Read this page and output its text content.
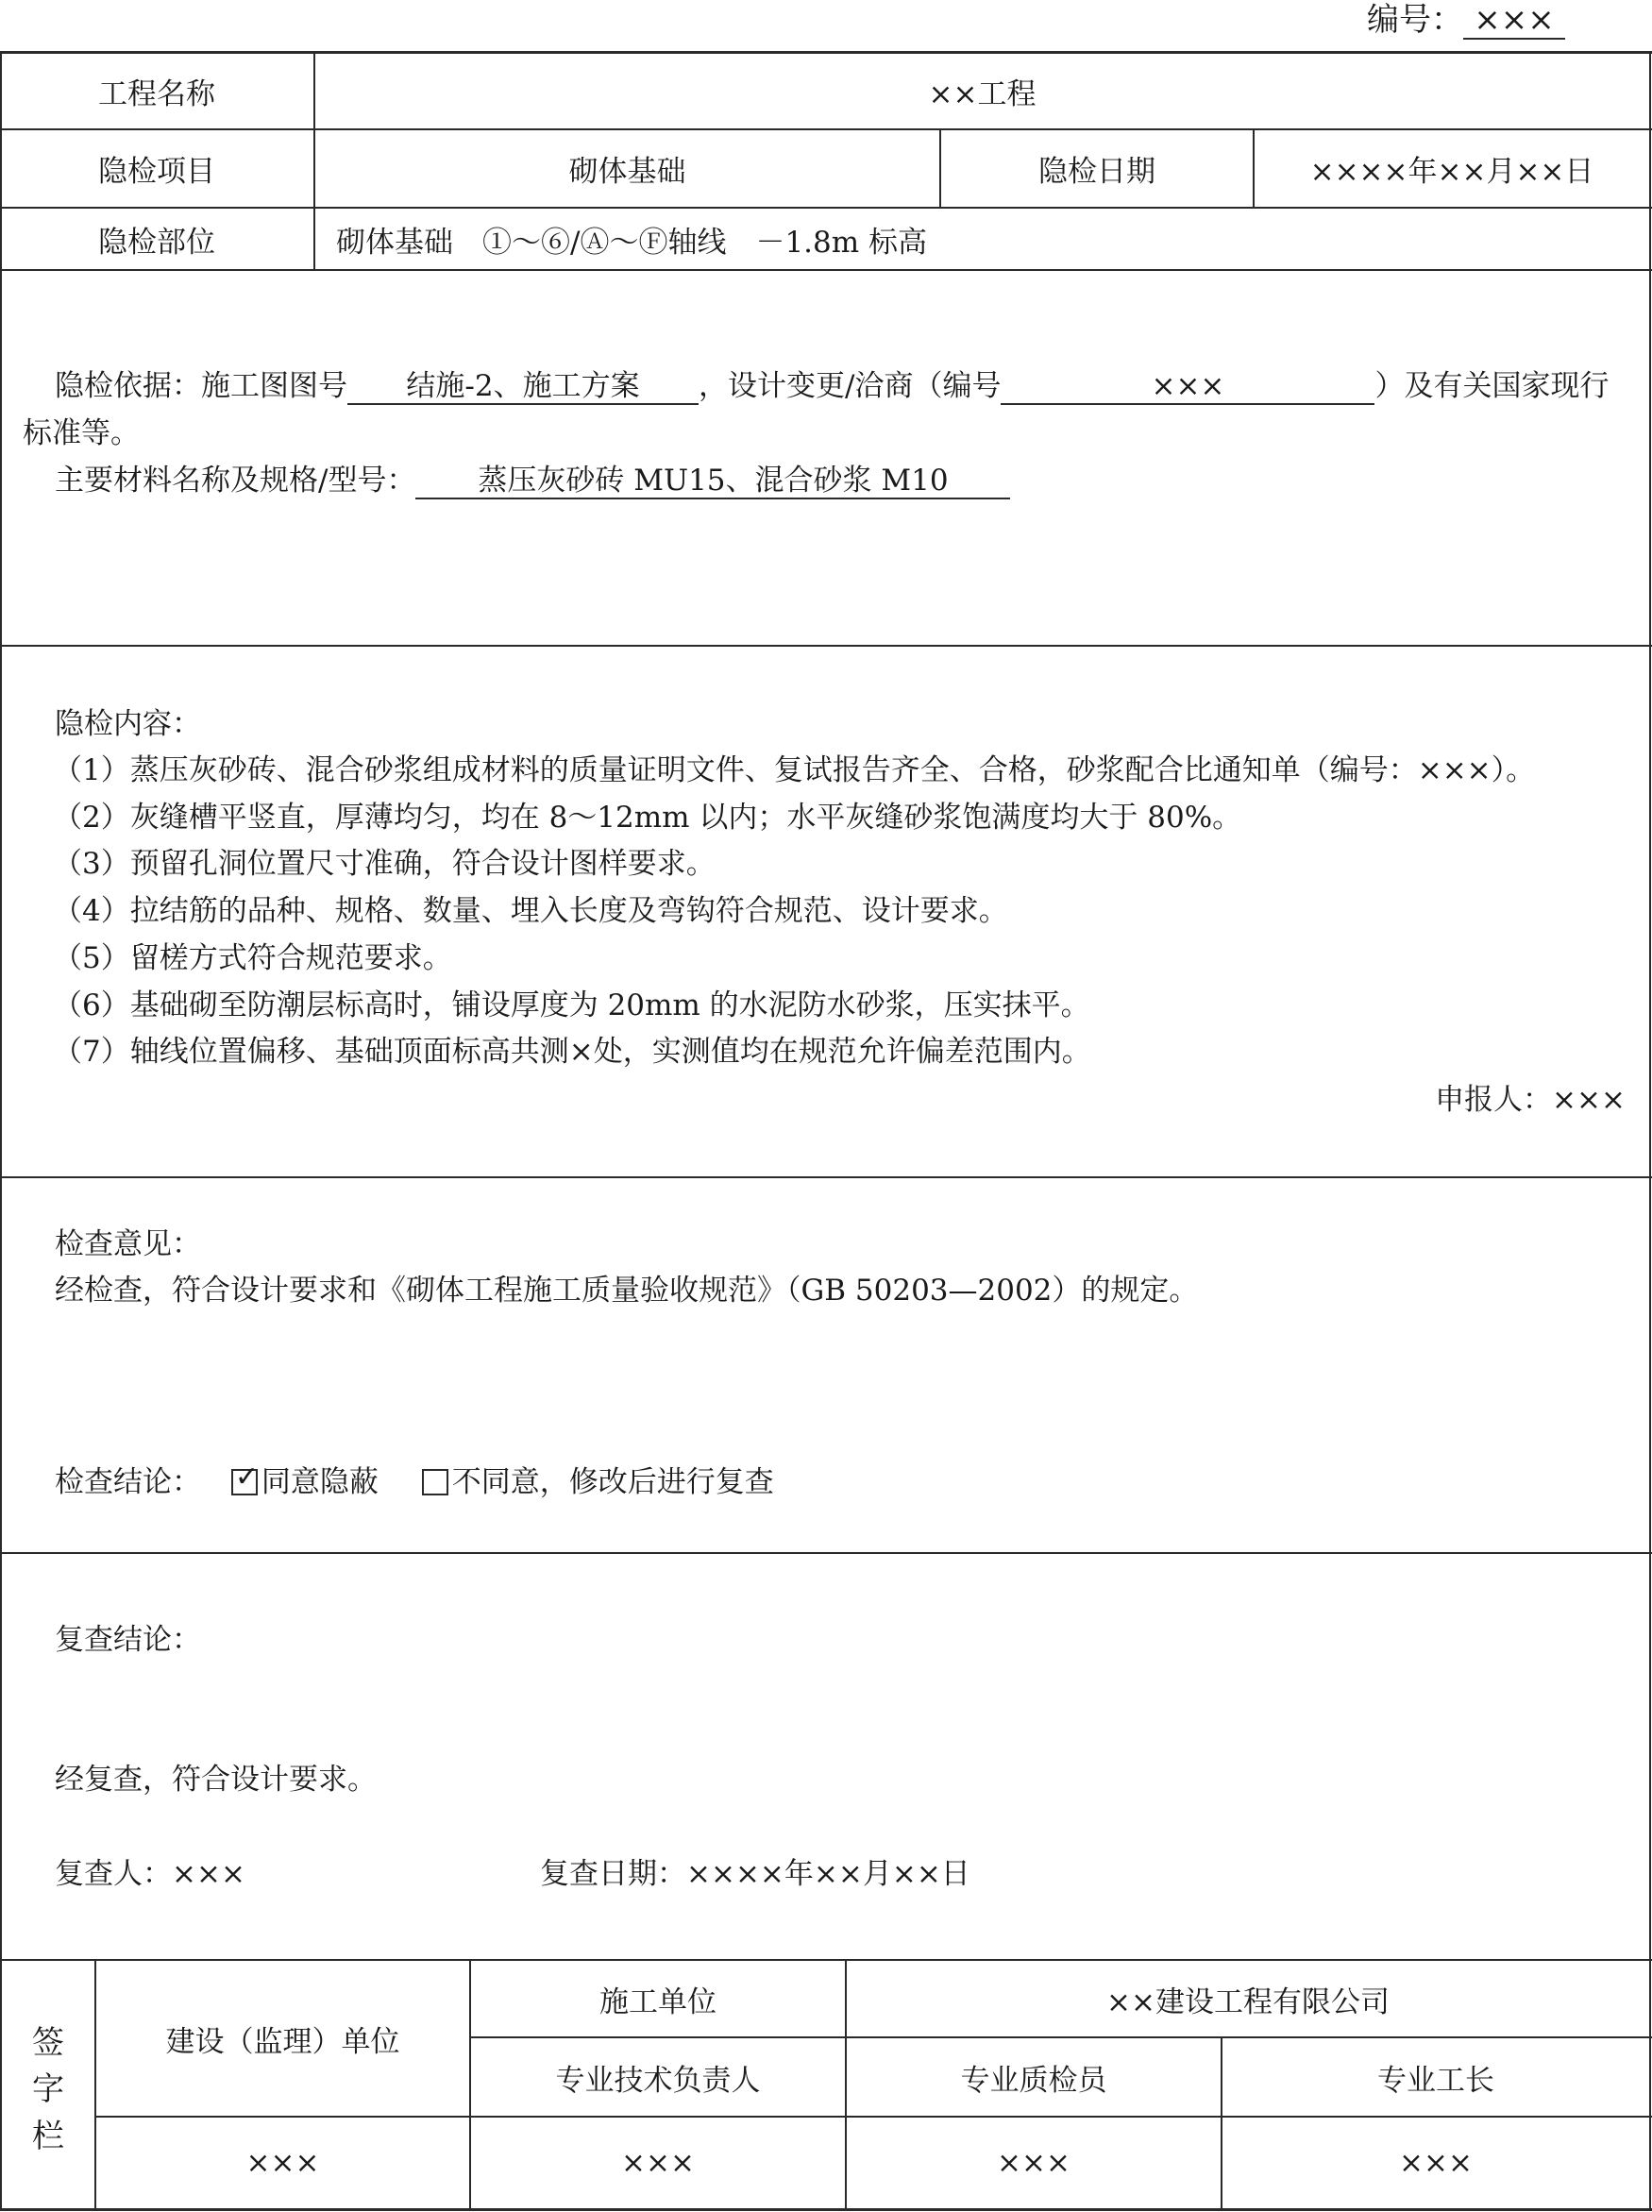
编号： ×××
工程名称	××工程
隐检项目	砌体基础	隐检日期	××××年××月××日
隐检部位	砌体基础　①～⑥/Ⓐ～Ⓕ轴线　－1.8m 标高
隐检依据：施工图图号 结施-2、施工方案 ，设计变更/洽商（编号	×××	）及有关国家现行
标准等。
主要材料名称及规格/型号： 蒸压灰砂砖 MU15、混合砂浆 M10
隐检内容：
（1）蒸压灰砂砖、混合砂浆组成材料的质量证明文件、复试报告齐全、合格，砂浆配合比通知单（编号：×××）。
（2）灰缝槽平竖直，厚薄均匀，均在 8～12mm 以内；水平灰缝砂浆饱满度均大于 80%。
（3）预留孔洞位置尺寸准确，符合设计图样要求。
（4）拉结筋的品种、规格、数量、埋入长度及弯钩符合规范、设计要求。
（5）留槎方式符合规范要求。
（6）基础砌至防潮层标高时，铺设厚度为 20mm 的水泥防水砂浆，压实抹平。
（7）轴线位置偏移、基础顶面标高共测×处，实测值均在规范允许偏差范围内。
申报人：×××
检查意见：
经检查，符合设计要求和《砌体工程施工质量验收规范》（GB 50203—2002）的规定。
检查结论： ✓ 同意隐蔽	不同意，修改后进行复查
复查结论：
经复查，符合设计要求。
复查人：×××	复查日期：××××年××月××日
签
字
栏
建设（监理）单位
施工单位	××建设工程有限公司
专业技术负责人	专业质检员	专业工长
×××	×××	×××	×××
